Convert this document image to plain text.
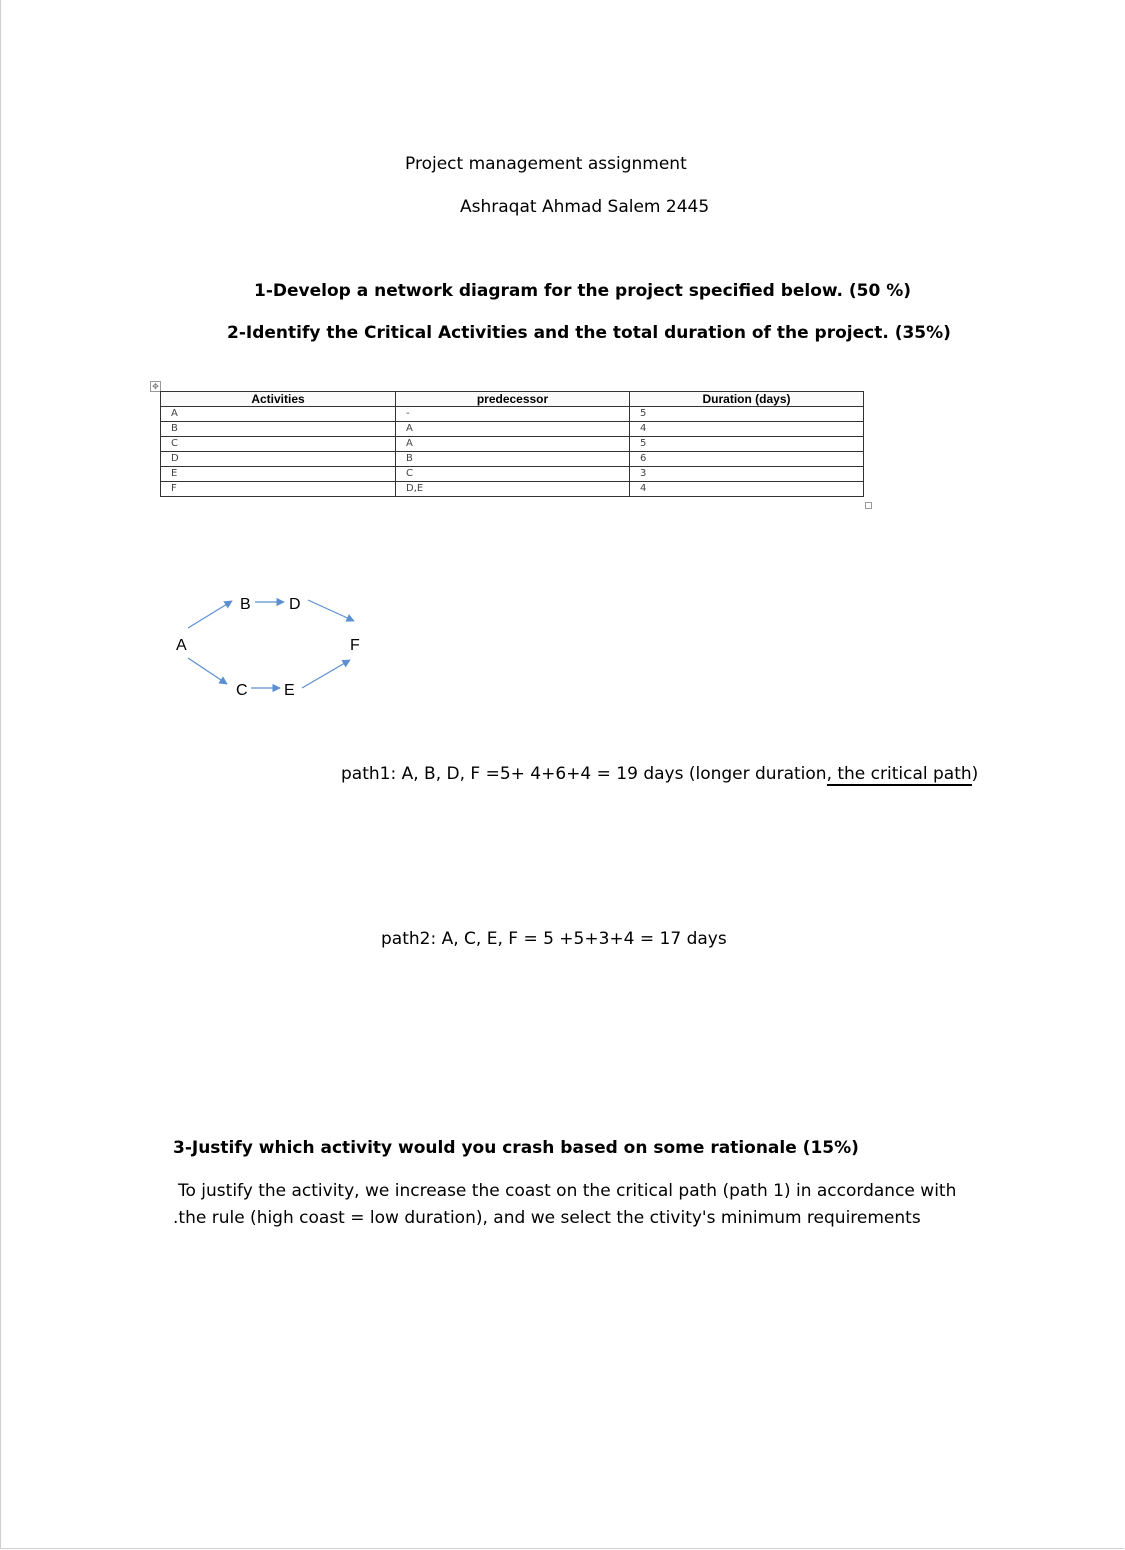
Project management assignment
Ashraqat Ahmad Salem 2445
1-Develop a network diagram for the project specified below. (50 %)
2-Identify the Critical Activities and the total duration of the project. (35%)
✥
Activities	predecessor	Duration (days)
A	-	5
B	A	4
C	A	5
D	B	6
E	C	3
F	D,E	4
A
B
C
D
E
F
path1: A, B, D, F =5+ 4+6+4 = 19 days (longer duration, the critical path)
path2: A, C, E, F = 5 +5+3+4 = 17 days
3-Justify which activity would you crash based on some rationale (15%)
To justify the activity, we increase the coast on the critical path (path 1) in accordance with
.the rule (high coast = low duration), and we select the ctivity's minimum requirements
